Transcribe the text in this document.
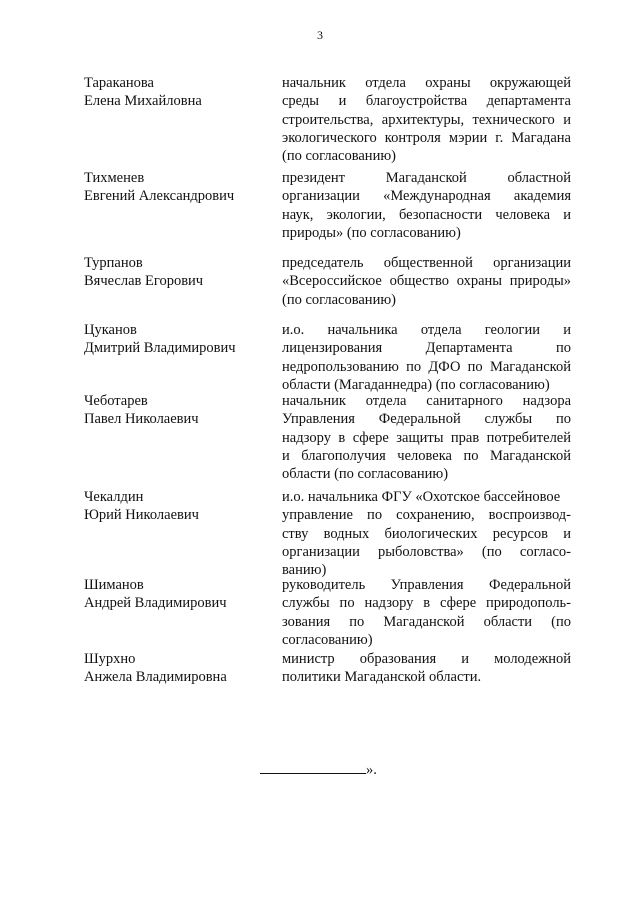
3
Тараканова
Елена Михайловна
начальник отдела охраны окружающей
среды и благоустройства департамента
строительства, архитектуры, технического и
экологического контроля мэрии г. Магадана
(по согласованию)
Тихменев
Евгений Александрович
президент Магаданской областной
организации «Международная академия
наук, экологии, безопасности человека и
природы» (по согласованию)
Турпанов
Вячеслав Егорович
председатель общественной организации
«Всероссийское общество охраны природы»
(по согласованию)
Цуканов
Дмитрий Владимирович
и.о. начальника отдела геологии и
лицензирования Департамента по
недропользованию по ДФО по Магаданской
области (Магаданнедра) (по согласованию)
Чеботарев
Павел Николаевич
начальник отдела санитарного надзора
Управления Федеральной службы по
надзору в сфере защиты прав потребителей
и благополучия человека по Магаданской
области (по согласованию)
Чекалдин
Юрий Николаевич
и.о. начальника ФГУ «Охотское бассейновое
управление по сохранению, воспроизвод-
ству водных биологических ресурсов и
организации рыболовства» (по согласо-
ванию)
Шиманов
Андрей Владимирович
руководитель Управления Федеральной
службы по надзору в сфере природополь-
зования по Магаданской области (по
согласованию)
Шурхно
Анжела Владимировна
министр образования и молодежной
политики Магаданской области.
».
